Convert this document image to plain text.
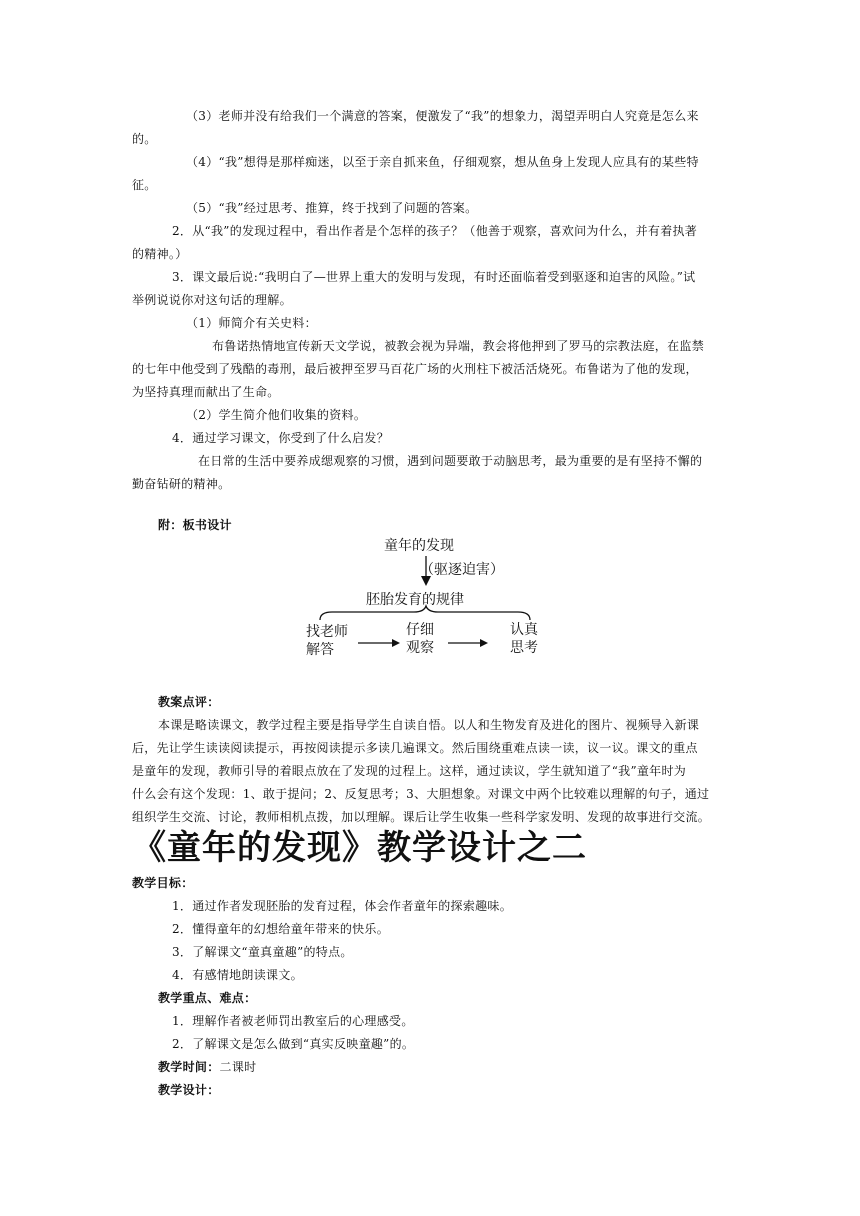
（3）老师并没有给我们一个满意的答案，便激发了“我”的想象力，渴望弄明白人究竟是怎么来
的。
（4）“我”想得是那样痴迷，以至于亲自抓来鱼，仔细观察，想从鱼身上发现人应具有的某些特
征。
（5）“我”经过思考、推算，终于找到了问题的答案。
2．从“我”的发现过程中，看出作者是个怎样的孩子？（他善于观察，喜欢问为什么，并有着执著
的精神。）
3．课文最后说:“我明白了—世界上重大的发明与发现，有时还面临着受到驱逐和迫害的风险。”试
举例说说你对这句话的理解。
（1）师简介有关史料：
布鲁诺热情地宣传新天文学说，被教会视为异端，教会将他押到了罗马的宗教法庭，在监禁
的七年中他受到了残酷的毒刑，最后被押至罗马百花广场的火刑柱下被活活烧死。布鲁诺为了他的发现，
为坚持真理而献出了生命。
（2）学生简介他们收集的资料。
4．通过学习课文，你受到了什么启发？
在日常的生活中要养成缌观察的习惯，遇到问题要敢于动脑思考，最为重要的是有坚持不懈的
勤奋钻研的精神。
附：板书设计
童年的发现
（驱逐迫害）
胚胎发育的规律
找老师
解答
仔细
观察
认真
思考
教案点评：
本课是略读课文，教学过程主要是指导学生自读自悟。以人和生物发育及进化的图片、视频导入新课
后，先让学生读读阅读提示，再按阅读提示多读几遍课文。然后围绕重难点读一读，议一议。课文的重点
是童年的发现，教师引导的着眼点放在了发现的过程上。这样，通过读议，学生就知道了“我”童年时为
什么会有这个发现：1、敢于提问；2、反复思考；3、大胆想象。对课文中两个比较难以理解的句子，通过
组织学生交流、讨论，教师相机点拨，加以理解。课后让学生收集一些科学家发明、发现的故事进行交流。
《童年的发现》教学设计之二
教学目标：
1．通过作者发现胚胎的发育过程，体会作者童年的探索趣味。
2．懂得童年的幻想给童年带来的快乐。
3．了解课文“童真童趣”的特点。
4．有感情地朗读课文。
教学重点、难点：
1．理解作者被老师罚出教室后的心理感受。
2．了解课文是怎么做到“真实反映童趣”的。
教学时间：二课时
教学设计：
